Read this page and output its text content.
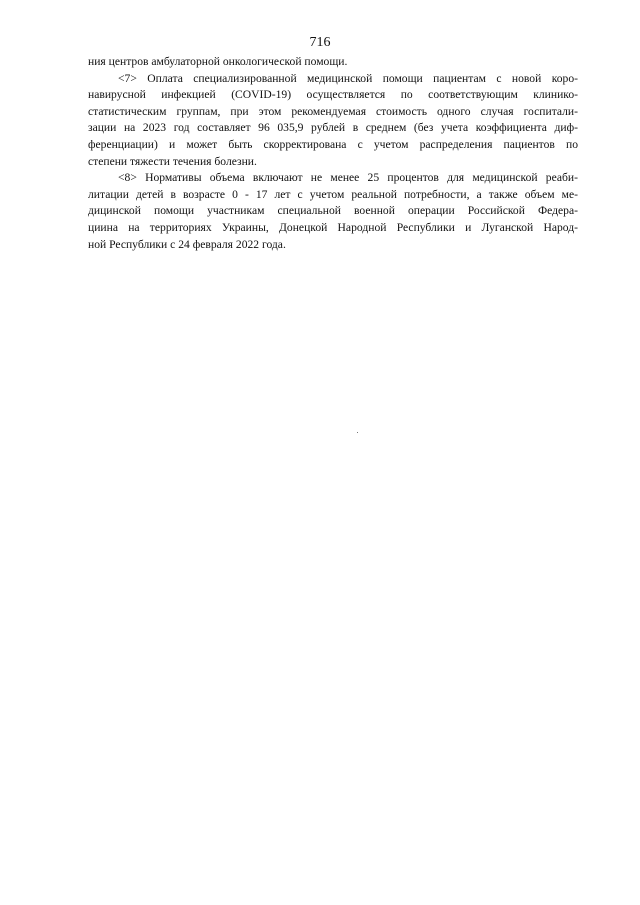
716
ния центров амбулаторной онкологической помощи.
<7> Оплата специализированной медицинской помощи пациентам с новой коро-
навирусной инфекцией (COVID-19) осуществляется по соответствующим клинико-
статистическим группам, при этом рекомендуемая стоимость одного случая госпитали-
зации на 2023 год составляет 96 035,9 рублей в среднем (без учета коэффициента диф-
ференциации) и может быть скорректирована с учетом распределения пациентов по
степени тяжести течения болезни.
<8> Нормативы объема включают не менее 25 процентов для медицинской реаби-
литации детей в возрасте 0 - 17 лет с учетом реальной потребности, а также объем ме-
дицинской помощи участникам специальной военной операции Российской Федера-
циина на территориях Украины, Донецкой Народной Республики и Луганской Народ-
ной Республики с 24 февраля 2022 года.
